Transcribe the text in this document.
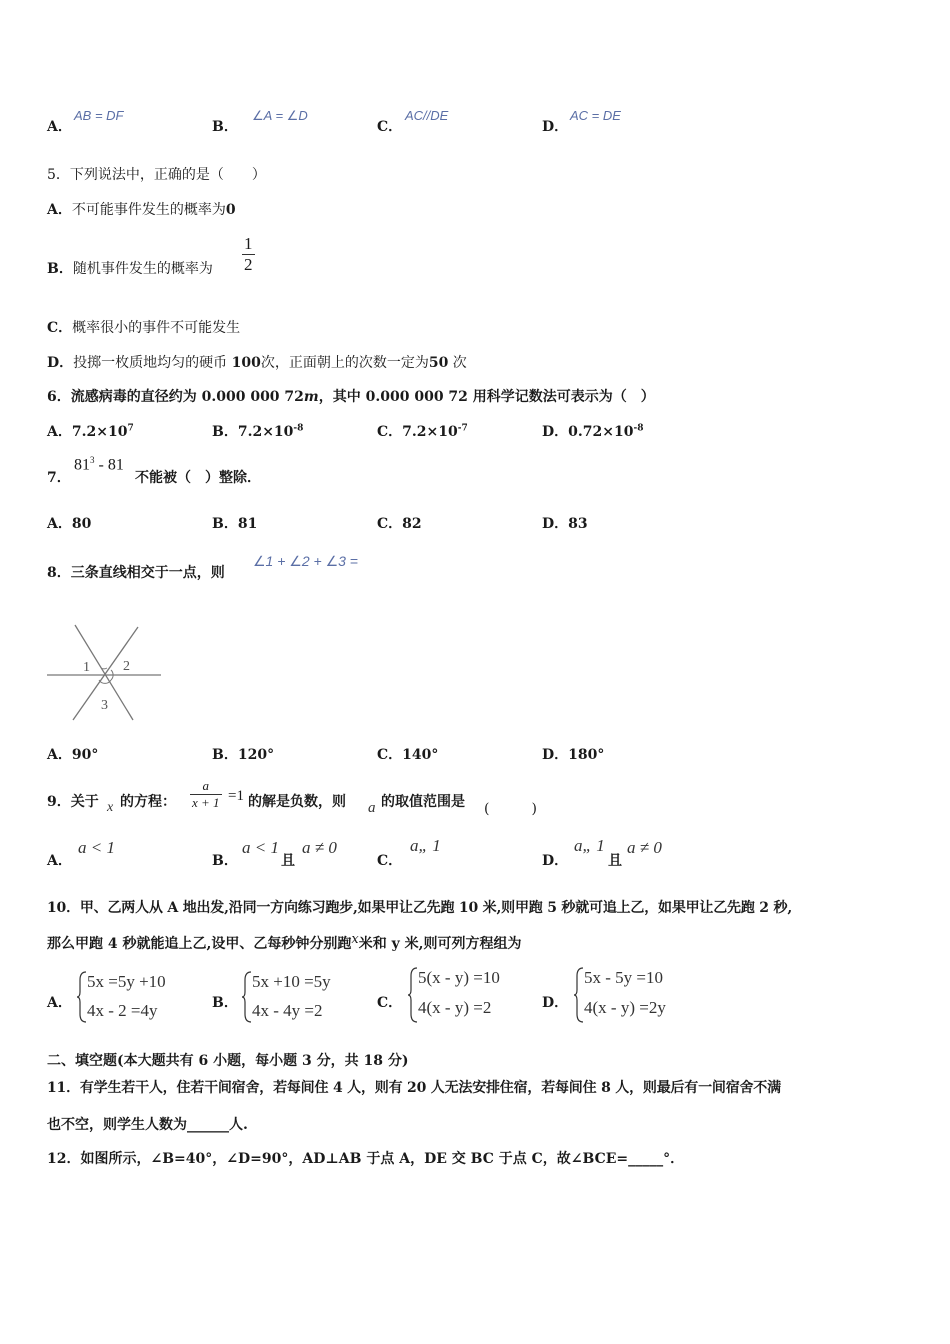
A．
AB = DF
B．
∠A = ∠D
C．
AC//DE
D．
AC = DE
5．下列说法中，正确的是（　　）
A．不可能事件发生的概率为0
B．随机事件发生的概率为 $\frac{1}{2}$
C．概率很小的事件不可能发生
D．投掷一枚质地均匀的硬币 100次，正面朝上的次数一定为50 次
6．流感病毒的直径约为 0.000 000 72m，其中 0.000 000 72 用科学记数法可表示为（　）
A．$7.2\times 10^7$	B．$7.2\times 10^{-8}$	C．$7.2\times 10^{-7}$	D．$0.72\times 10^{-8}$
7．
$81^3 - 81$
不能被（　）整除．
A．80	B．81	C．82	D．83
8．三条直线相交于一点，则
∠1 + ∠2 + ∠3 =
1 2
3
A．90°	B．120°	C．140°	D．180°
9．关于 x 的方程： $\frac{a}{x + 1} =1$ 的解是负数，则 a 的取值范围是 (　　　)
A．
a < 1
B．
a < 1
且
a ≠ 0
C．
a„ 1
D．
a„ 1
且
a ≠ 0
10．甲、乙两人从 A 地出发,沿同一方向练习跑步,如果甲让乙先跑 10 米,则甲跑 5 秒就可追上乙，如果甲让乙先跑 2 秒,
那么甲跑 4 秒就能追上乙,设甲、乙每秒钟分别跑x米和 y 米,则可列方程组为
A．
5x =5y +10
4x - 2 =4y	B．
5x +10 =5y
4x - 4y =2	C．
5(x - y) =10
4(x - y) =2	D．
5x - 5y =10
4(x - y) =2y
二、填空题(本大题共有 6 小题，每小题 3 分，共 18 分)
11．有学生若干人，住若干间宿舍，若每间住 4 人，则有 20 人无法安排住宿，若每间住 8 人，则最后有一间宿舍不满
也不空，则学生人数为______人.
12．如图所示，∠B=40°，∠D=90°，AD⊥AB 于点 A，DE 交 BC 于点 C，故∠BCE=_____°．
